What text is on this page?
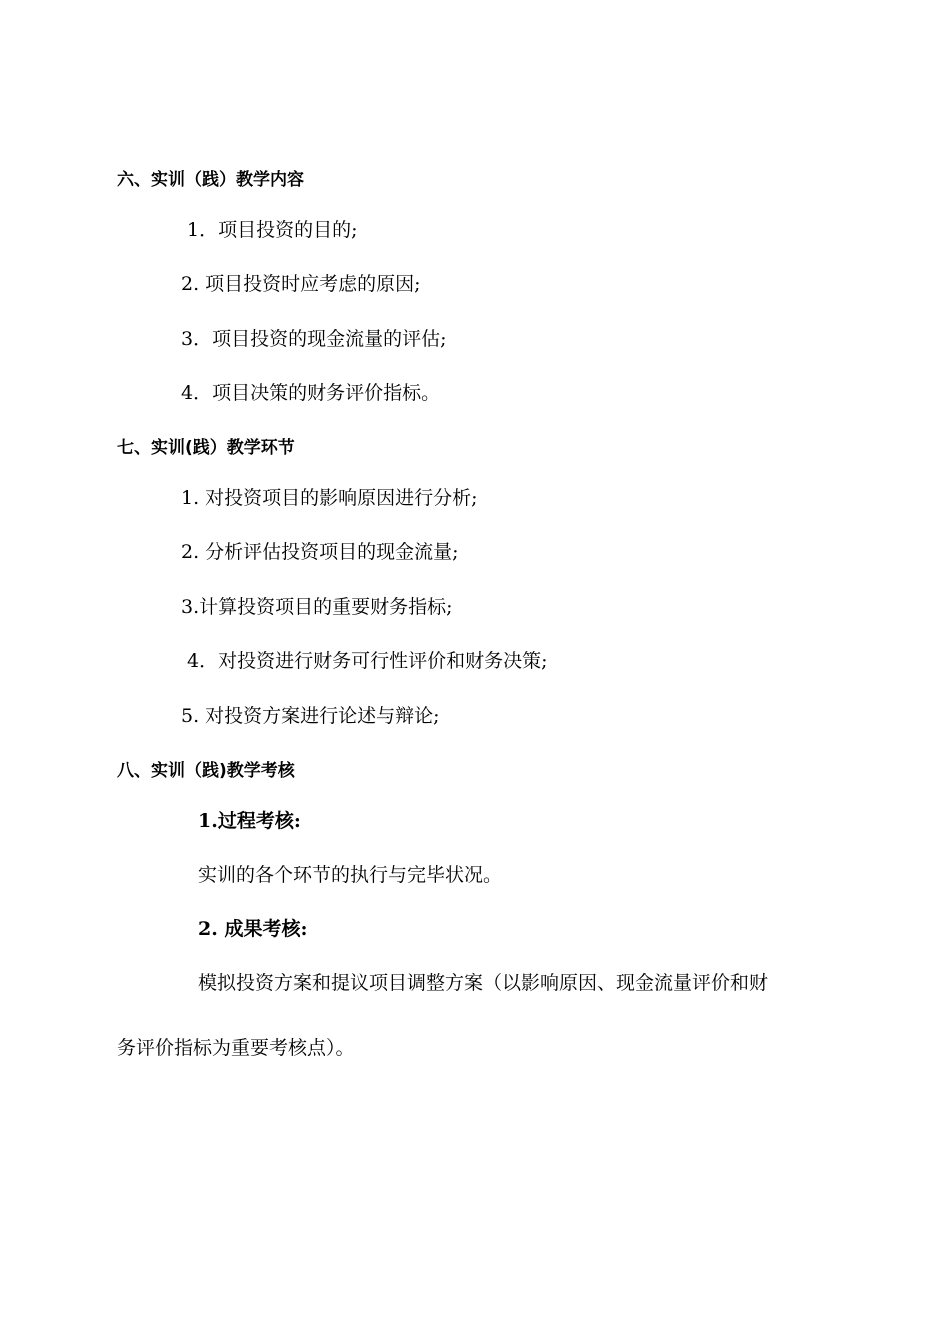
六、实训（践）教学内容
1．项目投资的目的;
2. 项目投资时应考虑的原因;
3．项目投资的现金流量的评估;
4．项目决策的财务评价指标。
七、实训(践）教学环节
1. 对投资项目的影响原因进行分析;
2. 分析评估投资项目的现金流量;
3.计算投资项目的重要财务指标;
4．对投资进行财务可行性评价和财务决策;
5. 对投资方案进行论述与辩论;
八、实训（践)教学考核
1.过程考核:
实训的各个环节的执行与完毕状况。
2. 成果考核:
模拟投资方案和提议项目调整方案（以影响原因、现金流量评价和财
务评价指标为重要考核点）。
